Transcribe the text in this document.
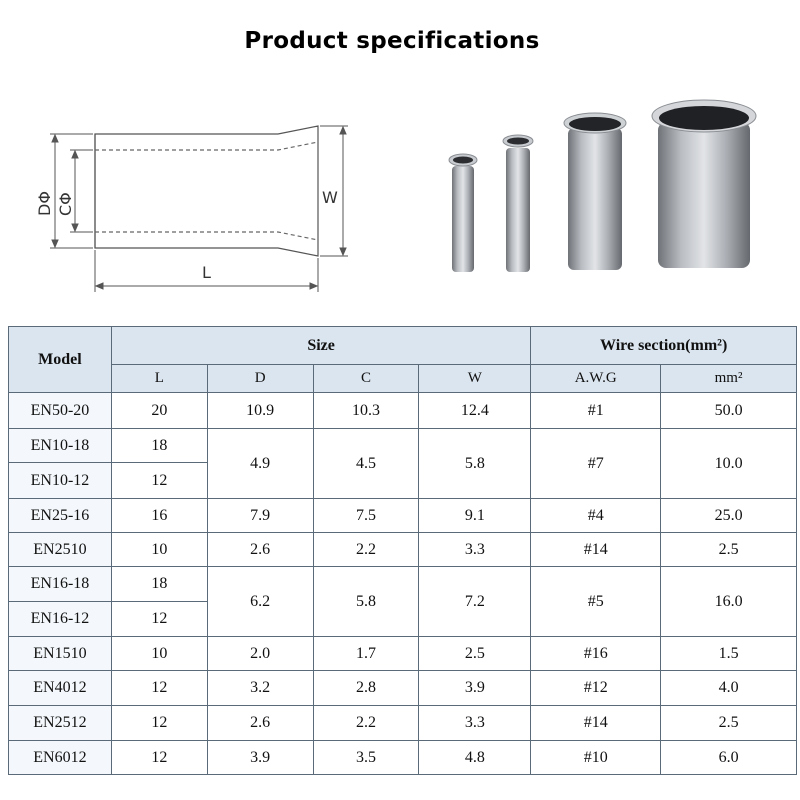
Product specifications
DΦ CΦ	W
L
Model	Size				Wire section(mm²)	
	L	D	C	W	A.W.G	mm²
EN50-20	20	10.9	10.3	12.4	#1	50.0
EN10-18	18	4.9	4.5	5.8	#7	10.0
EN10-12	12					
EN25-16	16	7.9	7.5	9.1	#4	25.0
EN2510	10	2.6	2.2	3.3	#14	2.5
EN16-18	18	6.2	5.8	7.2	#5	16.0
EN16-12	12					
EN1510	10	2.0	1.7	2.5	#16	1.5
EN4012	12	3.2	2.8	3.9	#12	4.0
EN2512	12	2.6	2.2	3.3	#14	2.5
EN6012	12	3.9	3.5	4.8	#10	6.0
